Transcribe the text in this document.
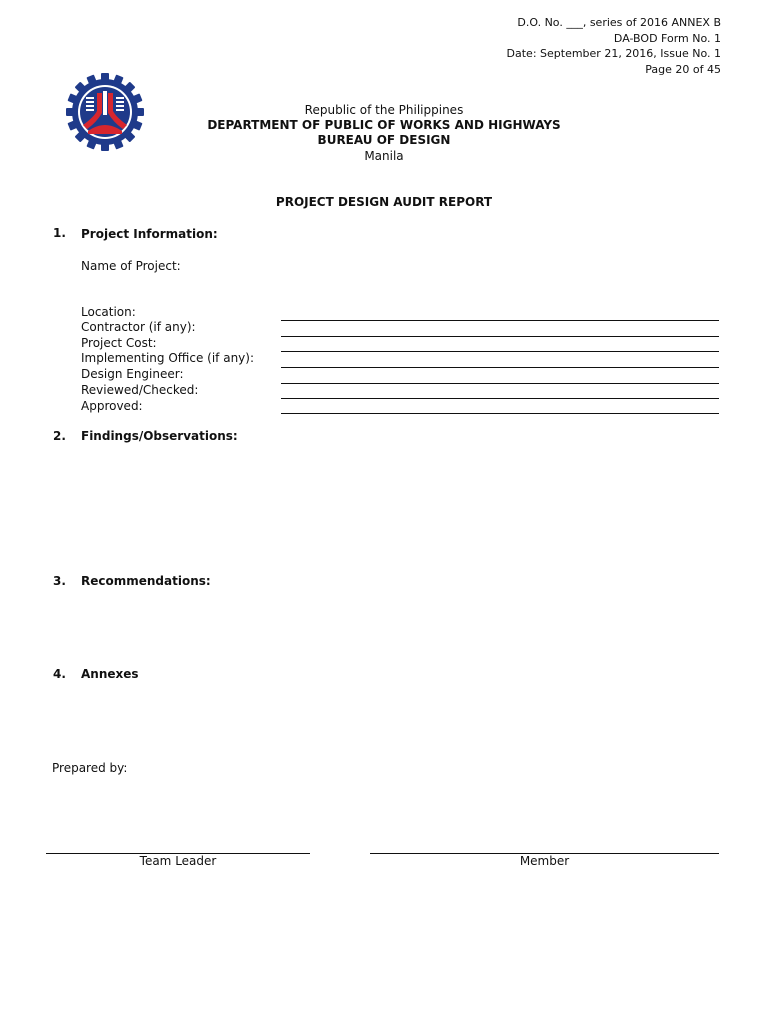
D.O. No. ___, series of 2016 ANNEX B
DA-BOD Form No. 1
Date: September 21, 2016, Issue No. 1
Page 20 of 45
Republic of the Philippines
DEPARTMENT OF PUBLIC OF WORKS AND HIGHWAYS
BUREAU OF DESIGN
Manila
PROJECT DESIGN AUDIT REPORT
1. Project Information:
Name of Project:
Location:
Contractor (if any):
Project Cost:
Implementing Office (if any):
Design Engineer:
Reviewed/Checked:
Approved:
2. Findings/Observations:
3. Recommendations:
4. Annexes
Prepared by:
Team Leader	Member
